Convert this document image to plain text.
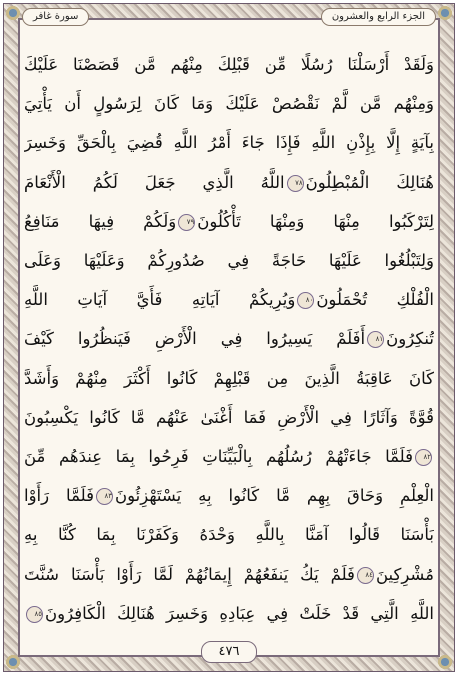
سورة غافر	الجزء الرابع والعشرون
وَلَقَدْ أَرْسَلْنَا رُسُلًا مِّن قَبْلِكَ مِنْهُم مَّن قَصَصْنَا عَلَيْكَ
وَمِنْهُم مَّن لَّمْ نَقْصُصْ عَلَيْكَ وَمَا كَانَ لِرَسُولٍ أَن يَأْتِيَ
بِآيَةٍ إِلَّا بِإِذْنِ اللَّهِ فَإِذَا جَاءَ أَمْرُ اللَّهِ قُضِيَ بِالْحَقِّ وَخَسِرَ
هُنَالِكَ الْمُبْطِلُونَ٧٨اللَّهُ الَّذِي جَعَلَ لَكُمُ الْأَنْعَامَ
لِتَرْكَبُوا مِنْهَا وَمِنْهَا تَأْكُلُونَ٧٩وَلَكُمْ فِيهَا مَنَافِعُ
وَلِتَبْلُغُوا عَلَيْهَا حَاجَةً فِي صُدُورِكُمْ وَعَلَيْهَا وَعَلَى
الْفُلْكِ تُحْمَلُونَ٨٠وَيُرِيكُمْ آيَاتِهِ فَأَيَّ آيَاتِ اللَّهِ
تُنكِرُونَ٨١أَفَلَمْ يَسِيرُوا فِي الْأَرْضِ فَيَنظُرُوا كَيْفَ
كَانَ عَاقِبَةُ الَّذِينَ مِن قَبْلِهِمْ كَانُوا أَكْثَرَ مِنْهُمْ وَأَشَدَّ
قُوَّةً وَآثَارًا فِي الْأَرْضِ فَمَا أَغْنَىٰ عَنْهُم مَّا كَانُوا يَكْسِبُونَ
٨٢فَلَمَّا جَاءَتْهُمْ رُسُلُهُم بِالْبَيِّنَاتِ فَرِحُوا بِمَا عِندَهُم مِّنَ
الْعِلْمِ وَحَاقَ بِهِم مَّا كَانُوا بِهِ يَسْتَهْزِئُونَ٨٣فَلَمَّا رَأَوْا
بَأْسَنَا قَالُوا آمَنَّا بِاللَّهِ وَحْدَهُ وَكَفَرْنَا بِمَا كُنَّا بِهِ
مُشْرِكِينَ٨٤فَلَمْ يَكُ يَنفَعُهُمْ إِيمَانُهُمْ لَمَّا رَأَوْا بَأْسَنَا سُنَّتَ
اللَّهِ الَّتِي قَدْ خَلَتْ فِي عِبَادِهِ وَخَسِرَ هُنَالِكَ الْكَافِرُونَ٨٥
٤٧٦
